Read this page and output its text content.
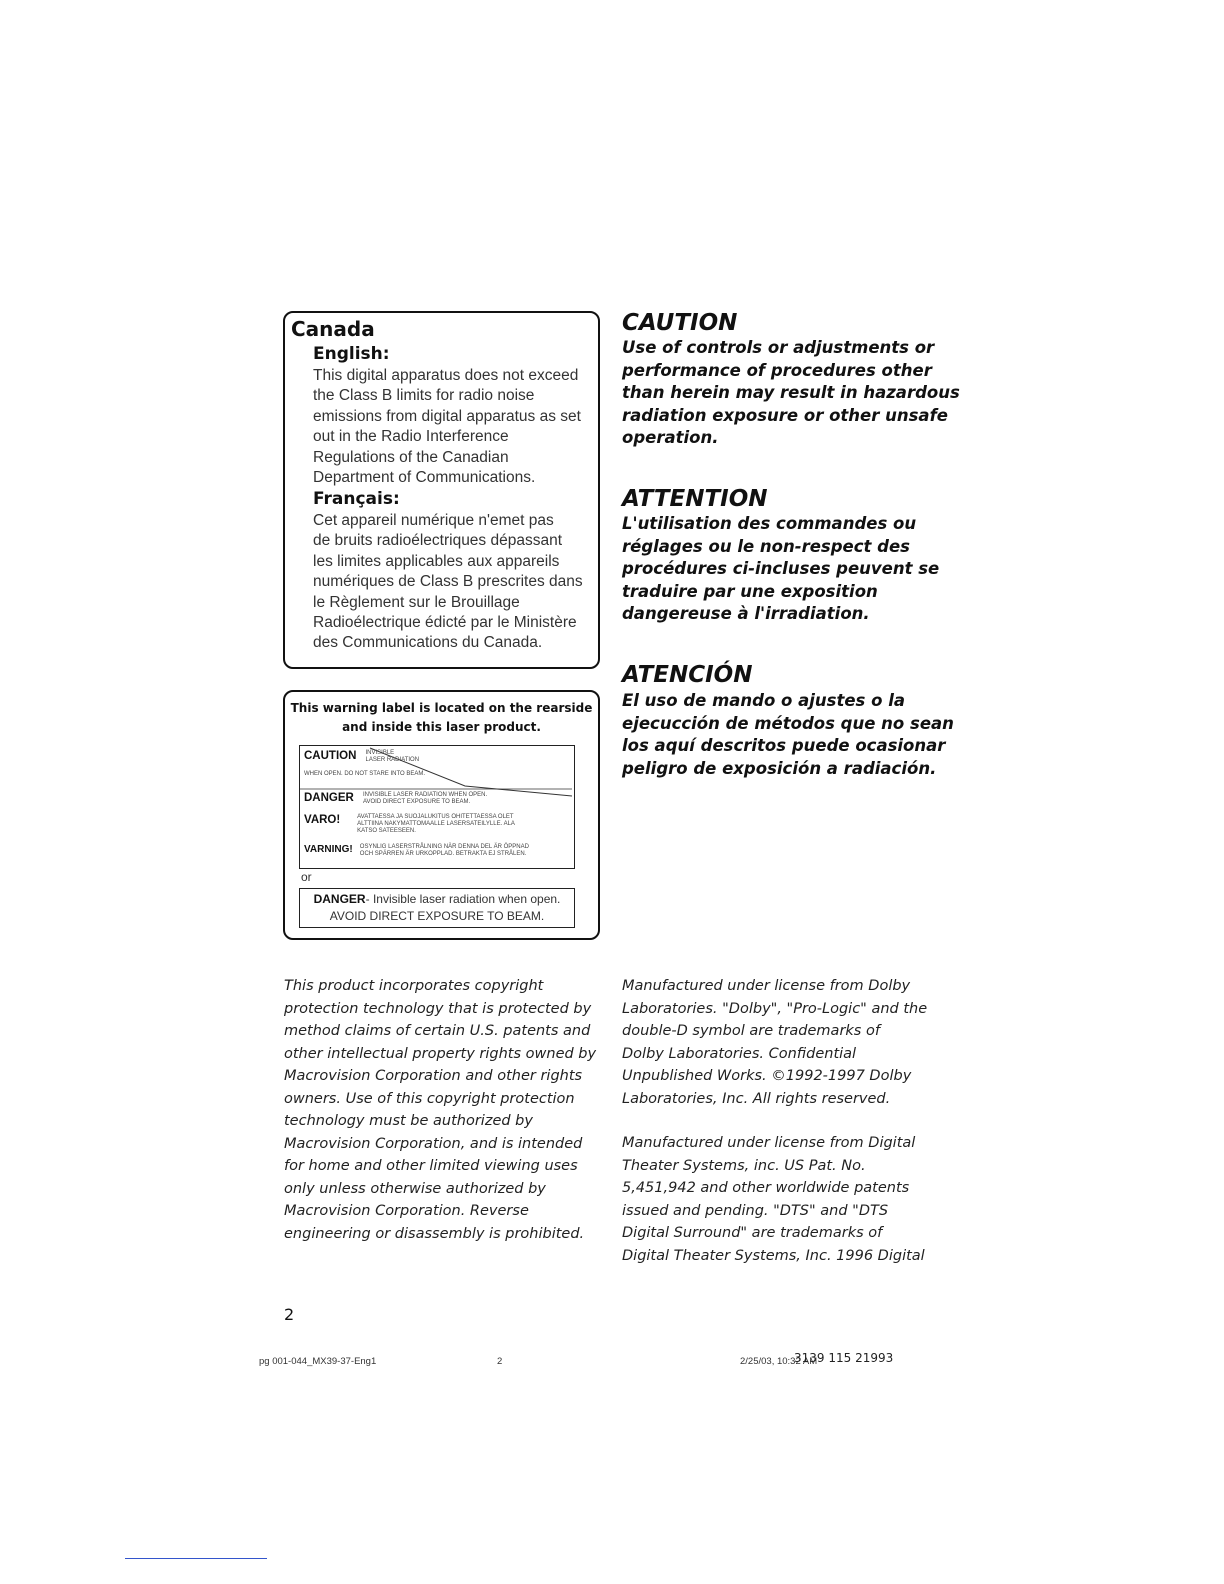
Canada
English:
This digital apparatus does not exceed
the Class B limits for radio noise
emissions from digital apparatus as set
out in the Radio Interference
Regulations of the Canadian
Department of Communications.
Français:
Cet appareil numérique n'emet pas
de bruits radioélectriques dépassant
les limites applicables aux appareils
numériques de Class B prescrites dans
le Règlement sur le Brouillage
Radioélectrique édicté par le Ministère
des Communications du Canada.
This warning label is located on the rearside
and inside this laser product.
CAUTION INVISIBLE
LASER RADIATION
WHEN OPEN. DO NOT STARE INTO BEAM.
DANGER INVISIBLE LASER RADIATION WHEN OPEN.
AVOID DIRECT EXPOSURE TO BEAM.
VARO!	AVATTAESSA JA SUOJALUKITUS OHITETTAESSA OLET
ALTTIINA NAKYMATTOMAALLE LASERSATEILYLLE. ALA
KATSO SATEESEEN.
VARNING! OSYNLIG LASERSTRÅLNING NÄR DENNA DEL ÄR ÖPPNAD
OCH SPÄRREN ÄR URKOPPLAD. BETRAKTA EJ STRÅLEN.
or
DANGER- Invisible laser radiation when open.
AVOID DIRECT EXPOSURE TO BEAM.
CAUTION
Use of controls or adjustments or
performance of procedures other
than herein may result in hazardous
radiation exposure or other unsafe
operation.
ATTENTION
L'utilisation des commandes ou
réglages ou le non-respect des
procédures ci-incluses peuvent se
traduire par une exposition
dangereuse à l'irradiation.
ATENCIÓN
El uso de mando o ajustes o la
ejecucción de métodos que no sean
los aquí descritos puede ocasionar
peligro de exposición a radiación.
This product incorporates copyright
protection technology that is protected by
method claims of certain U.S. patents and
other intellectual property rights owned by
Macrovision Corporation and other rights
owners. Use of this copyright protection
technology must be authorized by
Macrovision Corporation, and is intended
for home and other limited viewing uses
only unless otherwise authorized by
Macrovision Corporation. Reverse
engineering or disassembly is prohibited.
Manufactured under license from Dolby
Laboratories. "Dolby", "Pro-Logic" and the
double-D symbol are trademarks of
Dolby Laboratories. Confidential
Unpublished Works. ©1992-1997 Dolby
Laboratories, Inc. All rights reserved.
Manufactured under license from Digital
Theater Systems, inc. US Pat. No.
5,451,942 and other worldwide patents
issued and pending. "DTS" and "DTS
Digital Surround" are trademarks of
Digital Theater Systems, Inc. 1996 Digital
2
pg 001-044_MX39-37-Eng1	2	2/25/03, 10:32 AM
3139 115 21993
